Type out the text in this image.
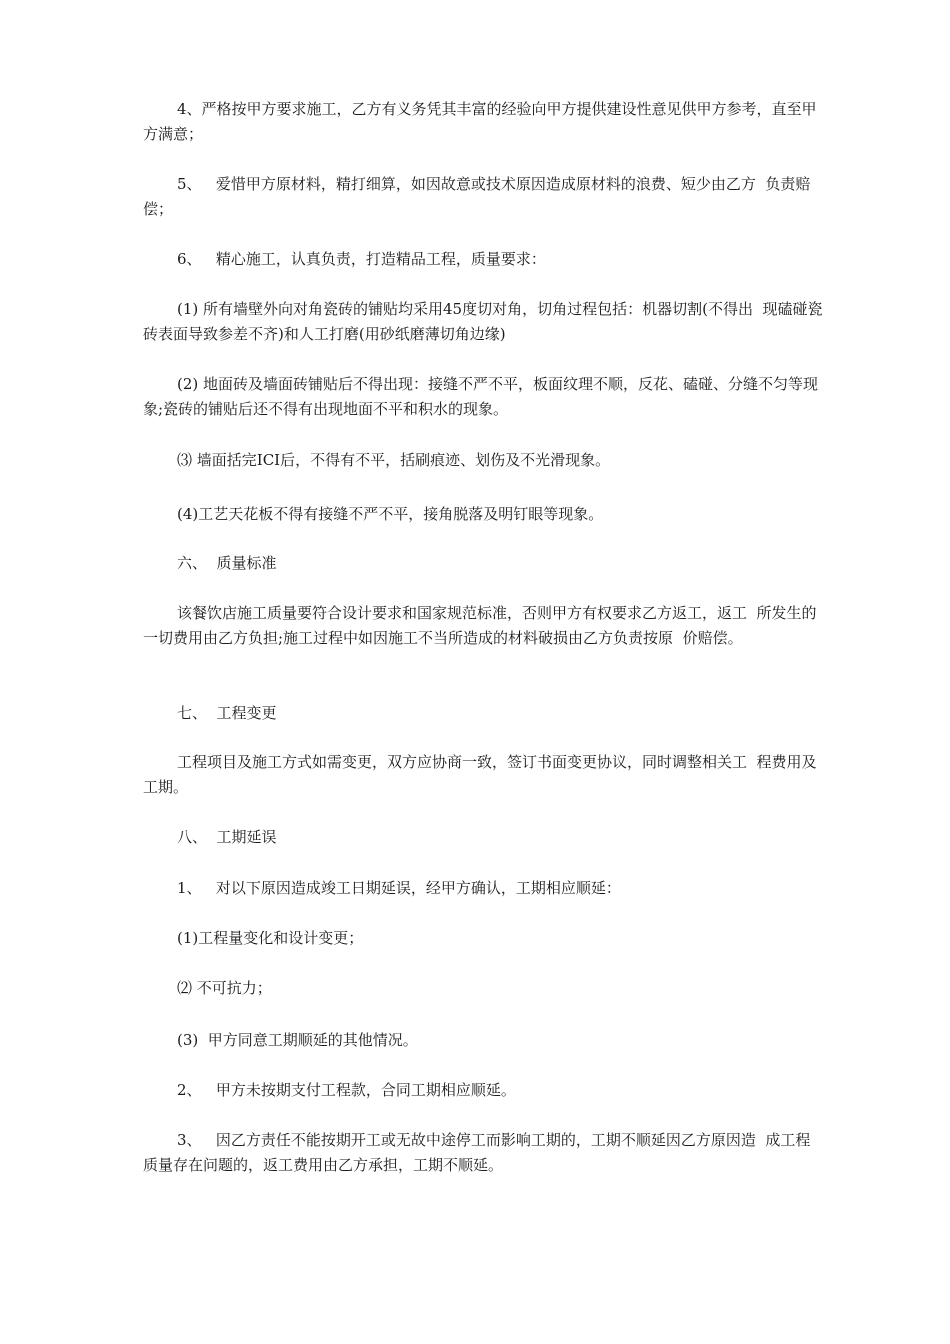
4、严格按甲方要求施工，乙方有义务凭其丰富的经验向甲方提供建设性意见供甲方参考，直至甲方满意；

5、   爱惜甲方原材料，精打细算，如因故意或技术原因造成原材料的浪费、短少由乙方  负责赔偿；

6、   精心施工，认真负责，打造精品工程，质量要求：

(1) 所有墙壁外向对角瓷砖的铺贴均采用45度切对角，切角过程包括：机器切割(不得出  现磕碰瓷砖表面导致参差不齐)和人工打磨(用砂纸磨薄切角边缘)

(2) 地面砖及墙面砖铺贴后不得出现：接缝不严不平，板面纹理不顺，反花、磕碰、分缝不匀等现象;瓷砖的铺贴后还不得有出现地面不平和积水的现象。

⑶ 墙面括完ICI后，不得有不平，括刷痕迹、划伤及不光滑现象。

(4)工艺天花板不得有接缝不严不平，接角脱落及明钉眼等现象。

六、  质量标准

该餐饮店施工质量要符合设计要求和国家规范标准，否则甲方有权要求乙方返工，返工  所发生的一切费用由乙方负担;施工过程中如因施工不当所造成的材料破损由乙方负责按原  价赔偿。

七、  工程变更

工程项目及施工方式如需变更，双方应协商一致，签订书面变更协议，同时调整相关工  程费用及工期。

八、  工期延误

1、   对以下原因造成竣工日期延误，经甲方确认，工期相应顺延：

(1)工程量变化和设计变更；

⑵ 不可抗力；

(3)  甲方同意工期顺延的其他情况。

2、   甲方未按期支付工程款，合同工期相应顺延。

3、   因乙方责任不能按期开工或无故中途停工而影响工期的，工期不顺延因乙方原因造  成工程质量存在问题的，返工费用由乙方承担，工期不顺延。
